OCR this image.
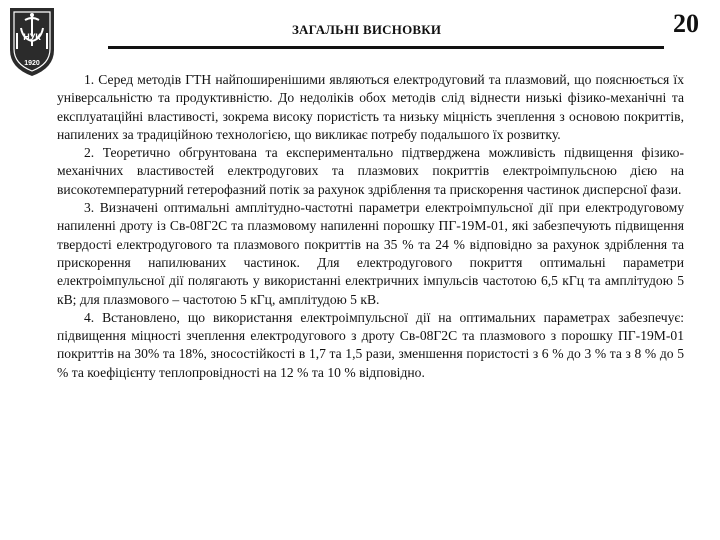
НУК
1920
ЗАГАЛЬНІ ВИСНОВКИ	20

1. Серед методів ГТН найпоширенішими являються електродуговий та плазмовий, що пояснюється їх універсальністю та продуктивністю. До недоліків обох методів слід віднести низькі фізико-механічні та експлуатаційні властивості, зокрема високу пористість та низьку міцність зчеплення з основою покриттів, напилених за традиційною технологією, що викликає потребу подальшого їх розвитку.

2. Теоретично обгрунтована та експериментально підтверджена можливість підвищення фізико-механічних властивостей електродугових та плазмових покриттів електроімпульсною дією на високотемпературний гетерофазний потік за рахунок здріблення та прискорення частинок дисперсної фази.

3. Визначені оптимальні амплітудно-частотні параметри електроімпульсної дії при електродуговому напиленні дроту із Св-08Г2С та плазмовому напиленні порошку ПГ-19М-01, які забезпечують підвищення твердості електродугового та плазмового покриттів на 35 % та 24 % відповідно за рахунок здріблення та прискорення напилюваних частинок. Для електродугового покриття оптимальні параметри електроімпульсної дії полягають у використанні електричних імпульсів частотою 6,5 кГц та амплітудою 5 кВ; для плазмового – частотою 5 кГц, амплітудою 5 кВ.

4. Встановлено, що використання електроімпульсної дії на оптимальних параметрах забезпечує: підвищення міцності зчеплення електродугового з дроту Св-08Г2С та плазмового з порошку ПГ-19М-01 покриттів на 30% та 18%, зносостійкості в 1,7 та 1,5 рази, зменшення пористості з 6 % до 3 % та з 8 % до 5 % та коефіцієнту теплопровідності на 12 % та 10 % відповідно.
